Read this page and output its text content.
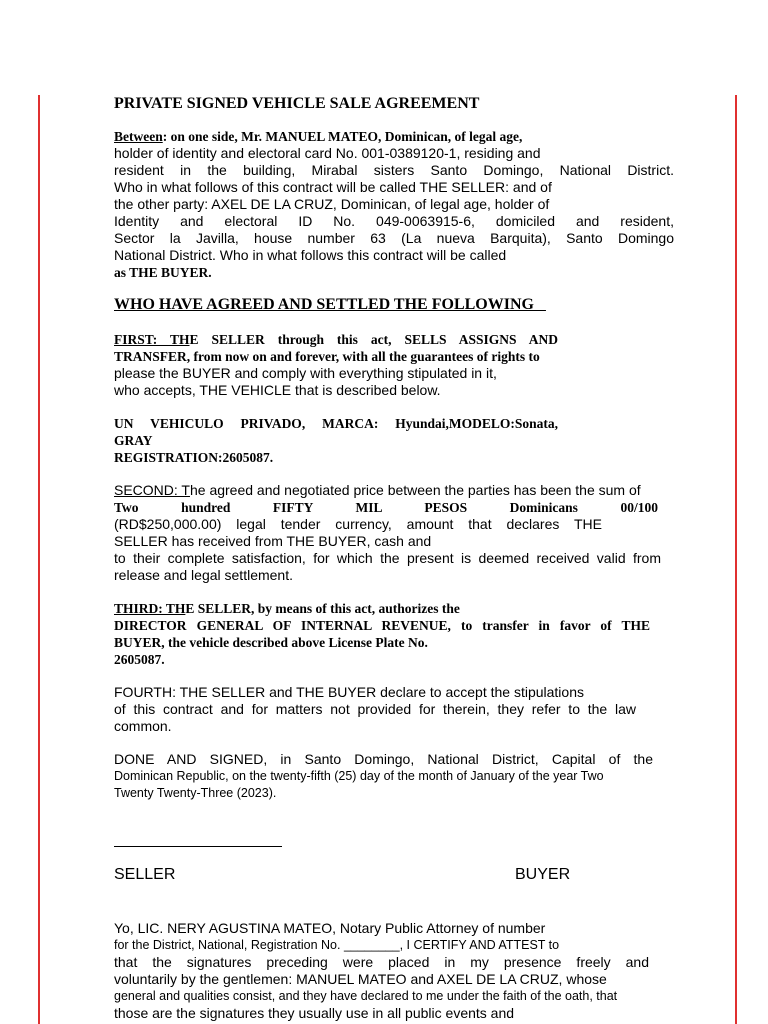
PRIVATE SIGNED VEHICLE SALE AGREEMENT

Between: on one side, Mr. MANUEL MATEO, Dominican, of legal age,

holder of identity and electoral card No. 001-0389120-1, residing and

resident in the building, Mirabal sisters Santo Domingo, National District.

Who in what follows of this contract will be called THE SELLER: and of

the other party: AXEL DE LA CRUZ, Dominican, of legal age, holder of

Identity and electoral ID No. 049-0063915-6, domiciled and resident,

Sector la Javilla, house number 63 (La nueva Barquita), Santo Domingo

National District. Who in what follows this contract will be called

as THE BUYER.

WHO HAVE AGREED AND SETTLED THE FOLLOWING

FIRST: THE SELLER through this act, SELLS ASSIGNS AND

TRANSFER, from now on and forever, with all the guarantees of rights to

please the BUYER and comply with everything stipulated in it,

who accepts, THE VEHICLE that is described below.

UN VEHICULO PRIVADO, MARCA: Hyundai,MODELO:Sonata,

GRAY

REGISTRATION:2605087.

SECOND: The agreed and negotiated price between the parties has been the sum of

Two hundred FIFTY MIL PESOS Dominicans 00/100

(RD$250,000.00) legal tender currency, amount that declares THE

SELLER has received from THE BUYER, cash and

to their complete satisfaction, for which the present is deemed received valid from

release and legal settlement.

THIRD: THE SELLER, by means of this act, authorizes the

DIRECTOR GENERAL OF INTERNAL REVENUE, to transfer in favor of THE

BUYER, the vehicle described above License Plate No.

2605087.

FOURTH: THE SELLER and THE BUYER declare to accept the stipulations

of this contract and for matters not provided for therein, they refer to the law

common.

DONE AND SIGNED, in Santo Domingo, National District, Capital of the

Dominican Republic, on the twenty-fifth (25) day of the month of January of the year Two

Twenty Twenty-Three (2023).

SELLER	BUYER

Yo, LIC. NERY AGUSTINA MATEO, Notary Public Attorney of number

for the District, National, Registration No. ________, I CERTIFY AND ATTEST to

that the signatures preceding were placed in my presence freely and

voluntarily by the gentlemen: MANUEL MATEO and AXEL DE LA CRUZ, whose

general and qualities consist, and they have declared to me under the faith of the oath, that

those are the signatures they usually use in all public events and
